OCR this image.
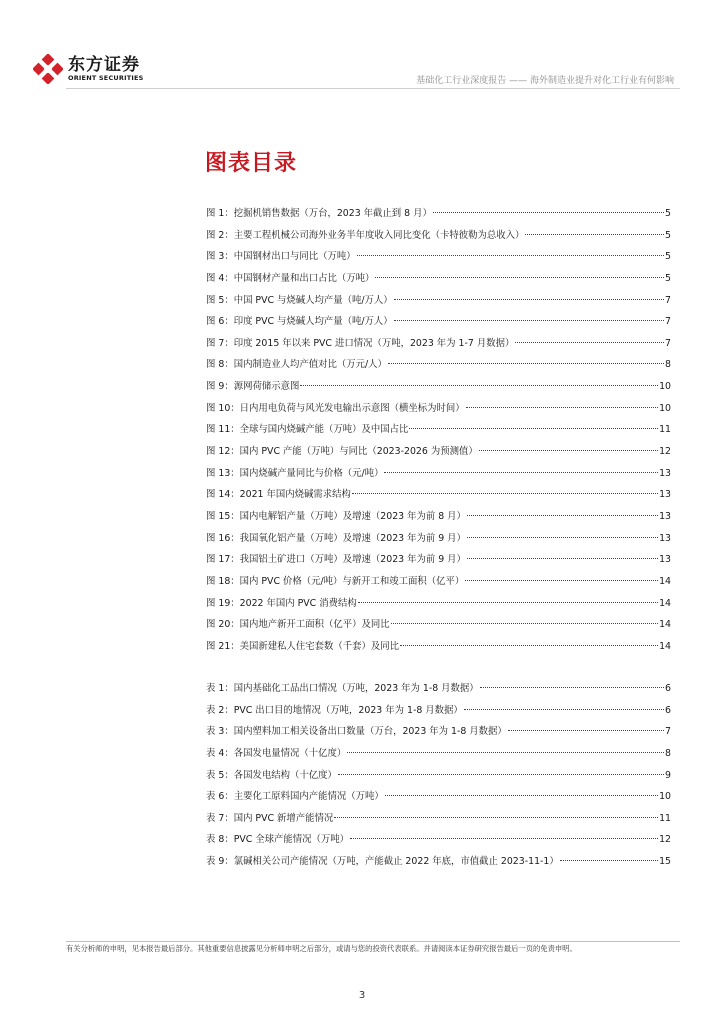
东方证券
ORIENT SECURITIES	基础化工行业深度报告 —— 海外制造业提升对化工行业有何影响
图表目录
图 1：挖掘机销售数据（万台，2023 年截止到 8 月）	5
图 2：主要工程机械公司海外业务半年度收入同比变化（卡特彼勒为总收入）	5
图 3：中国钢材出口与同比（万吨）	5
图 4：中国钢材产量和出口占比（万吨）	5
图 5：中国 PVC 与烧碱人均产量（吨/万人）	7
图 6：印度 PVC 与烧碱人均产量（吨/万人）	7
图 7：印度 2015 年以来 PVC 进口情况（万吨，2023 年为 1-7 月数据）	7
图 8：国内制造业人均产值对比（万元/人）	8
图 9：源网荷储示意图	10
图 10：日内用电负荷与风光发电输出示意图（横坐标为时间）	10
图 11：全球与国内烧碱产能（万吨）及中国占比	11
图 12：国内 PVC 产能（万吨）与同比（2023-2026 为预测值）	12
图 13：国内烧碱产量同比与价格（元/吨）	13
图 14：2021 年国内烧碱需求结构	13
图 15：国内电解铝产量（万吨）及增速（2023 年为前 8 月）	13
图 16：我国氧化铝产量（万吨）及增速（2023 年为前 9 月）	13
图 17：我国铝土矿进口（万吨）及增速（2023 年为前 9 月）	13
图 18：国内 PVC 价格（元/吨）与新开工和竣工面积（亿平）	14
图 19：2022 年国内 PVC 消费结构	14
图 20：国内地产新开工面积（亿平）及同比	14
图 21：美国新建私人住宅套数（千套）及同比	14
表 1：国内基础化工品出口情况（万吨，2023 年为 1-8 月数据）	6
表 2：PVC 出口目的地情况（万吨，2023 年为 1-8 月数据）	6
表 3：国内塑料加工相关设备出口数量（万台，2023 年为 1-8 月数据）	7
表 4：各国发电量情况（十亿度）	8
表 5：各国发电结构（十亿度）	9
表 6：主要化工原料国内产能情况（万吨）	10
表 7：国内 PVC 新增产能情况	11
表 8：PVC 全球产能情况（万吨）	12
表 9：氯碱相关公司产能情况（万吨，产能截止 2022 年底，市值截止 2023-11-1）	15
有关分析师的申明，见本报告最后部分。其他重要信息披露见分析师申明之后部分，或请与您的投资代表联系。并请阅读本证券研究报告最后一页的免责申明。
3
